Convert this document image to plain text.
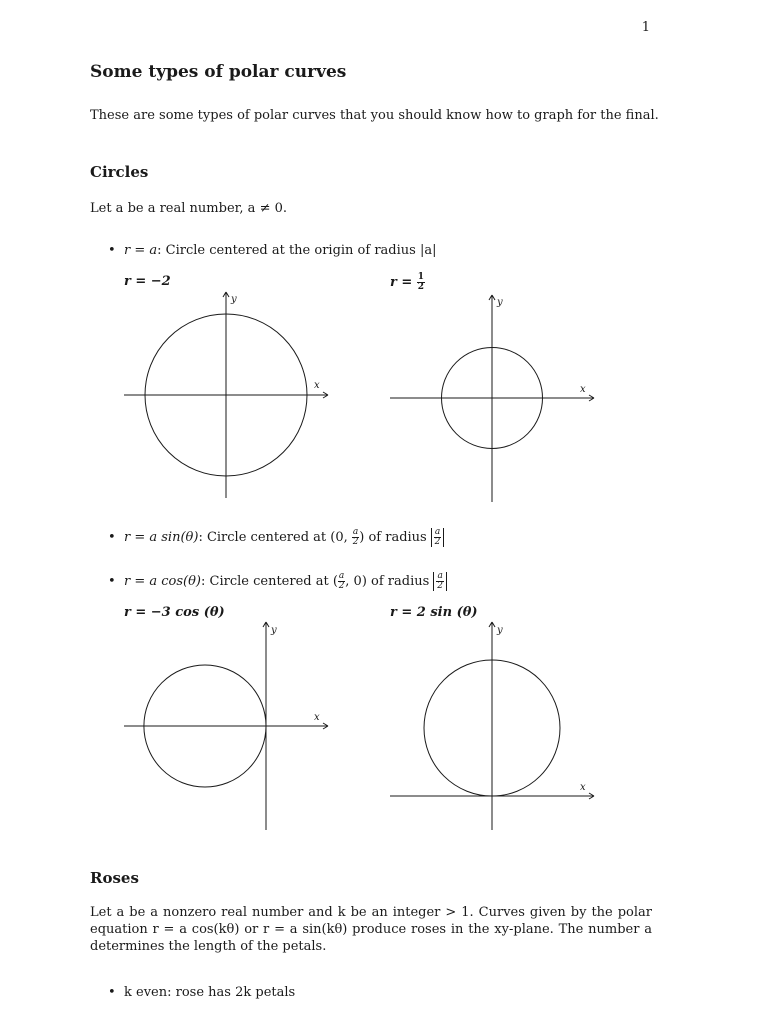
1
Some types of polar curves
These are some types of polar curves that you should know how to graph for the final.
Circles
Let a be a real number, a ≠ 0.
• r = a: Circle centered at the origin of radius |a|
r = −2	$r = \frac{1}{2}$
x
y
x
y
• r = a sin(θ): Circle centered at (0, $\frac{a}{2}$ ) of radius $\frac{a}{2}$
• r = a cos(θ): Circle centered at ( $\frac{a}{2}$ , 0) of radius $\frac{a}{2}$
r = −3 cos (θ)	r = 2 sin (θ)
x
y
x
y
Roses
Let a be a nonzero real number and k be an integer > 1. Curves given by the polar equation r = a cos(kθ) or r = a sin(kθ) produce roses in the xy-plane. The number a determines the length of the petals.
• k even: rose has 2k petals
